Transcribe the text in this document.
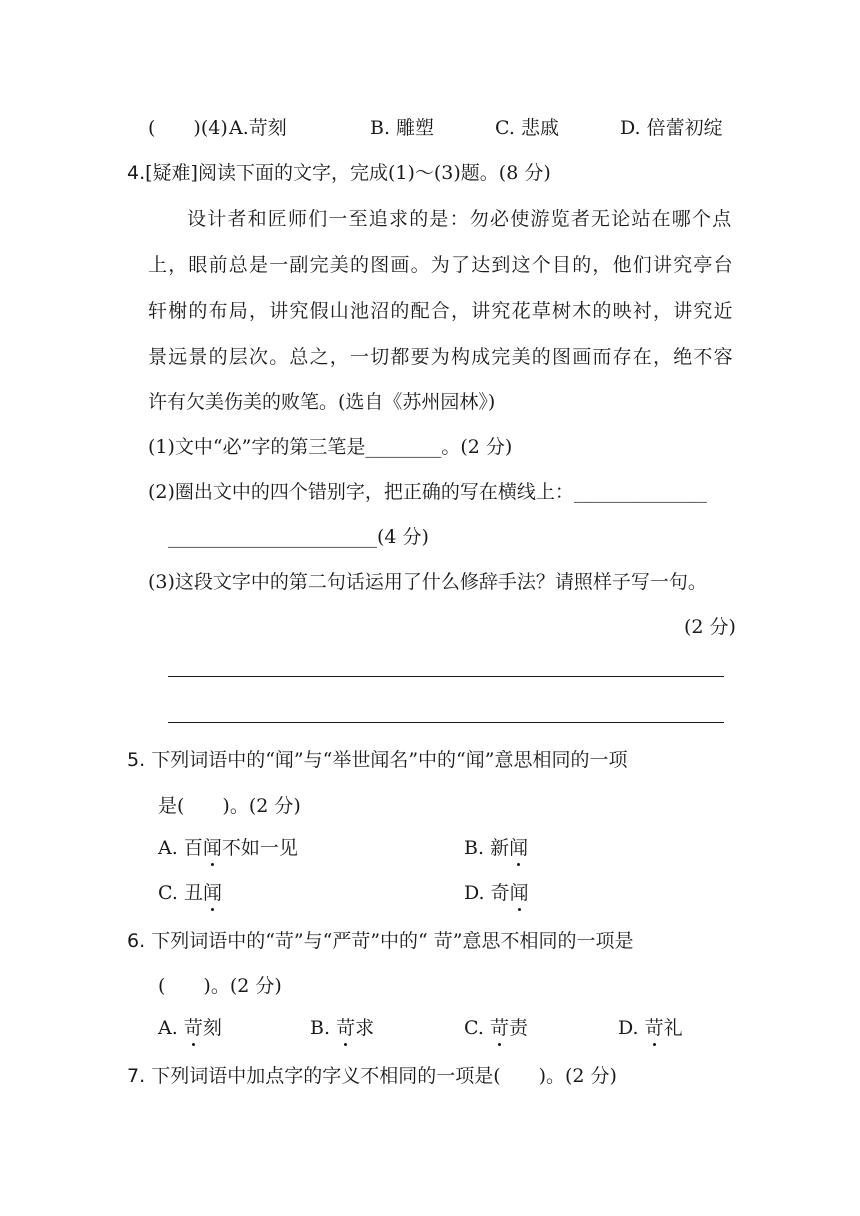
(　　)(4) A.苛刻	B. 雕塑	C. 悲戚	D. 倍蕾初绽
4.[疑难]阅读下面的文字，完成(1)～(3)题。(8 分)
设计者和匠师们一至追求的是：勿必使游览者无论站在哪个点
上，眼前总是一副完美的图画。为了达到这个目的，他们讲究亭台
轩榭的布局，讲究假山池沼的配合，讲究花草树木的映衬，讲究近
景远景的层次。总之，一切都要为构成完美的图画而存在，绝不容
许有欠美伤美的败笔。(选自《苏州园林》)
(1)文中“必”字的第三笔是________。(2 分)
(2)圈出文中的四个错别字，把正确的写在横线上：______________
______________________(4 分)
(3)这段文字中的第二句话运用了什么修辞手法？请照样子写一句。
(2 分)
5. 下列词语中的“闻”与“举世闻名”中的“闻”意思相同的一项
是(　　)。(2 分)
A. 百闻不如一见	B. 新闻
C. 丑闻	D. 奇闻
6. 下列词语中的“苛”与“严苛”中的“ 苛”意思不相同的一项是
(　　)。(2 分)
A. 苛刻	B. 苛求	C. 苛责	D. 苛礼
7. 下列词语中加点字的字义不相同的一项是(　　)。(2 分)
